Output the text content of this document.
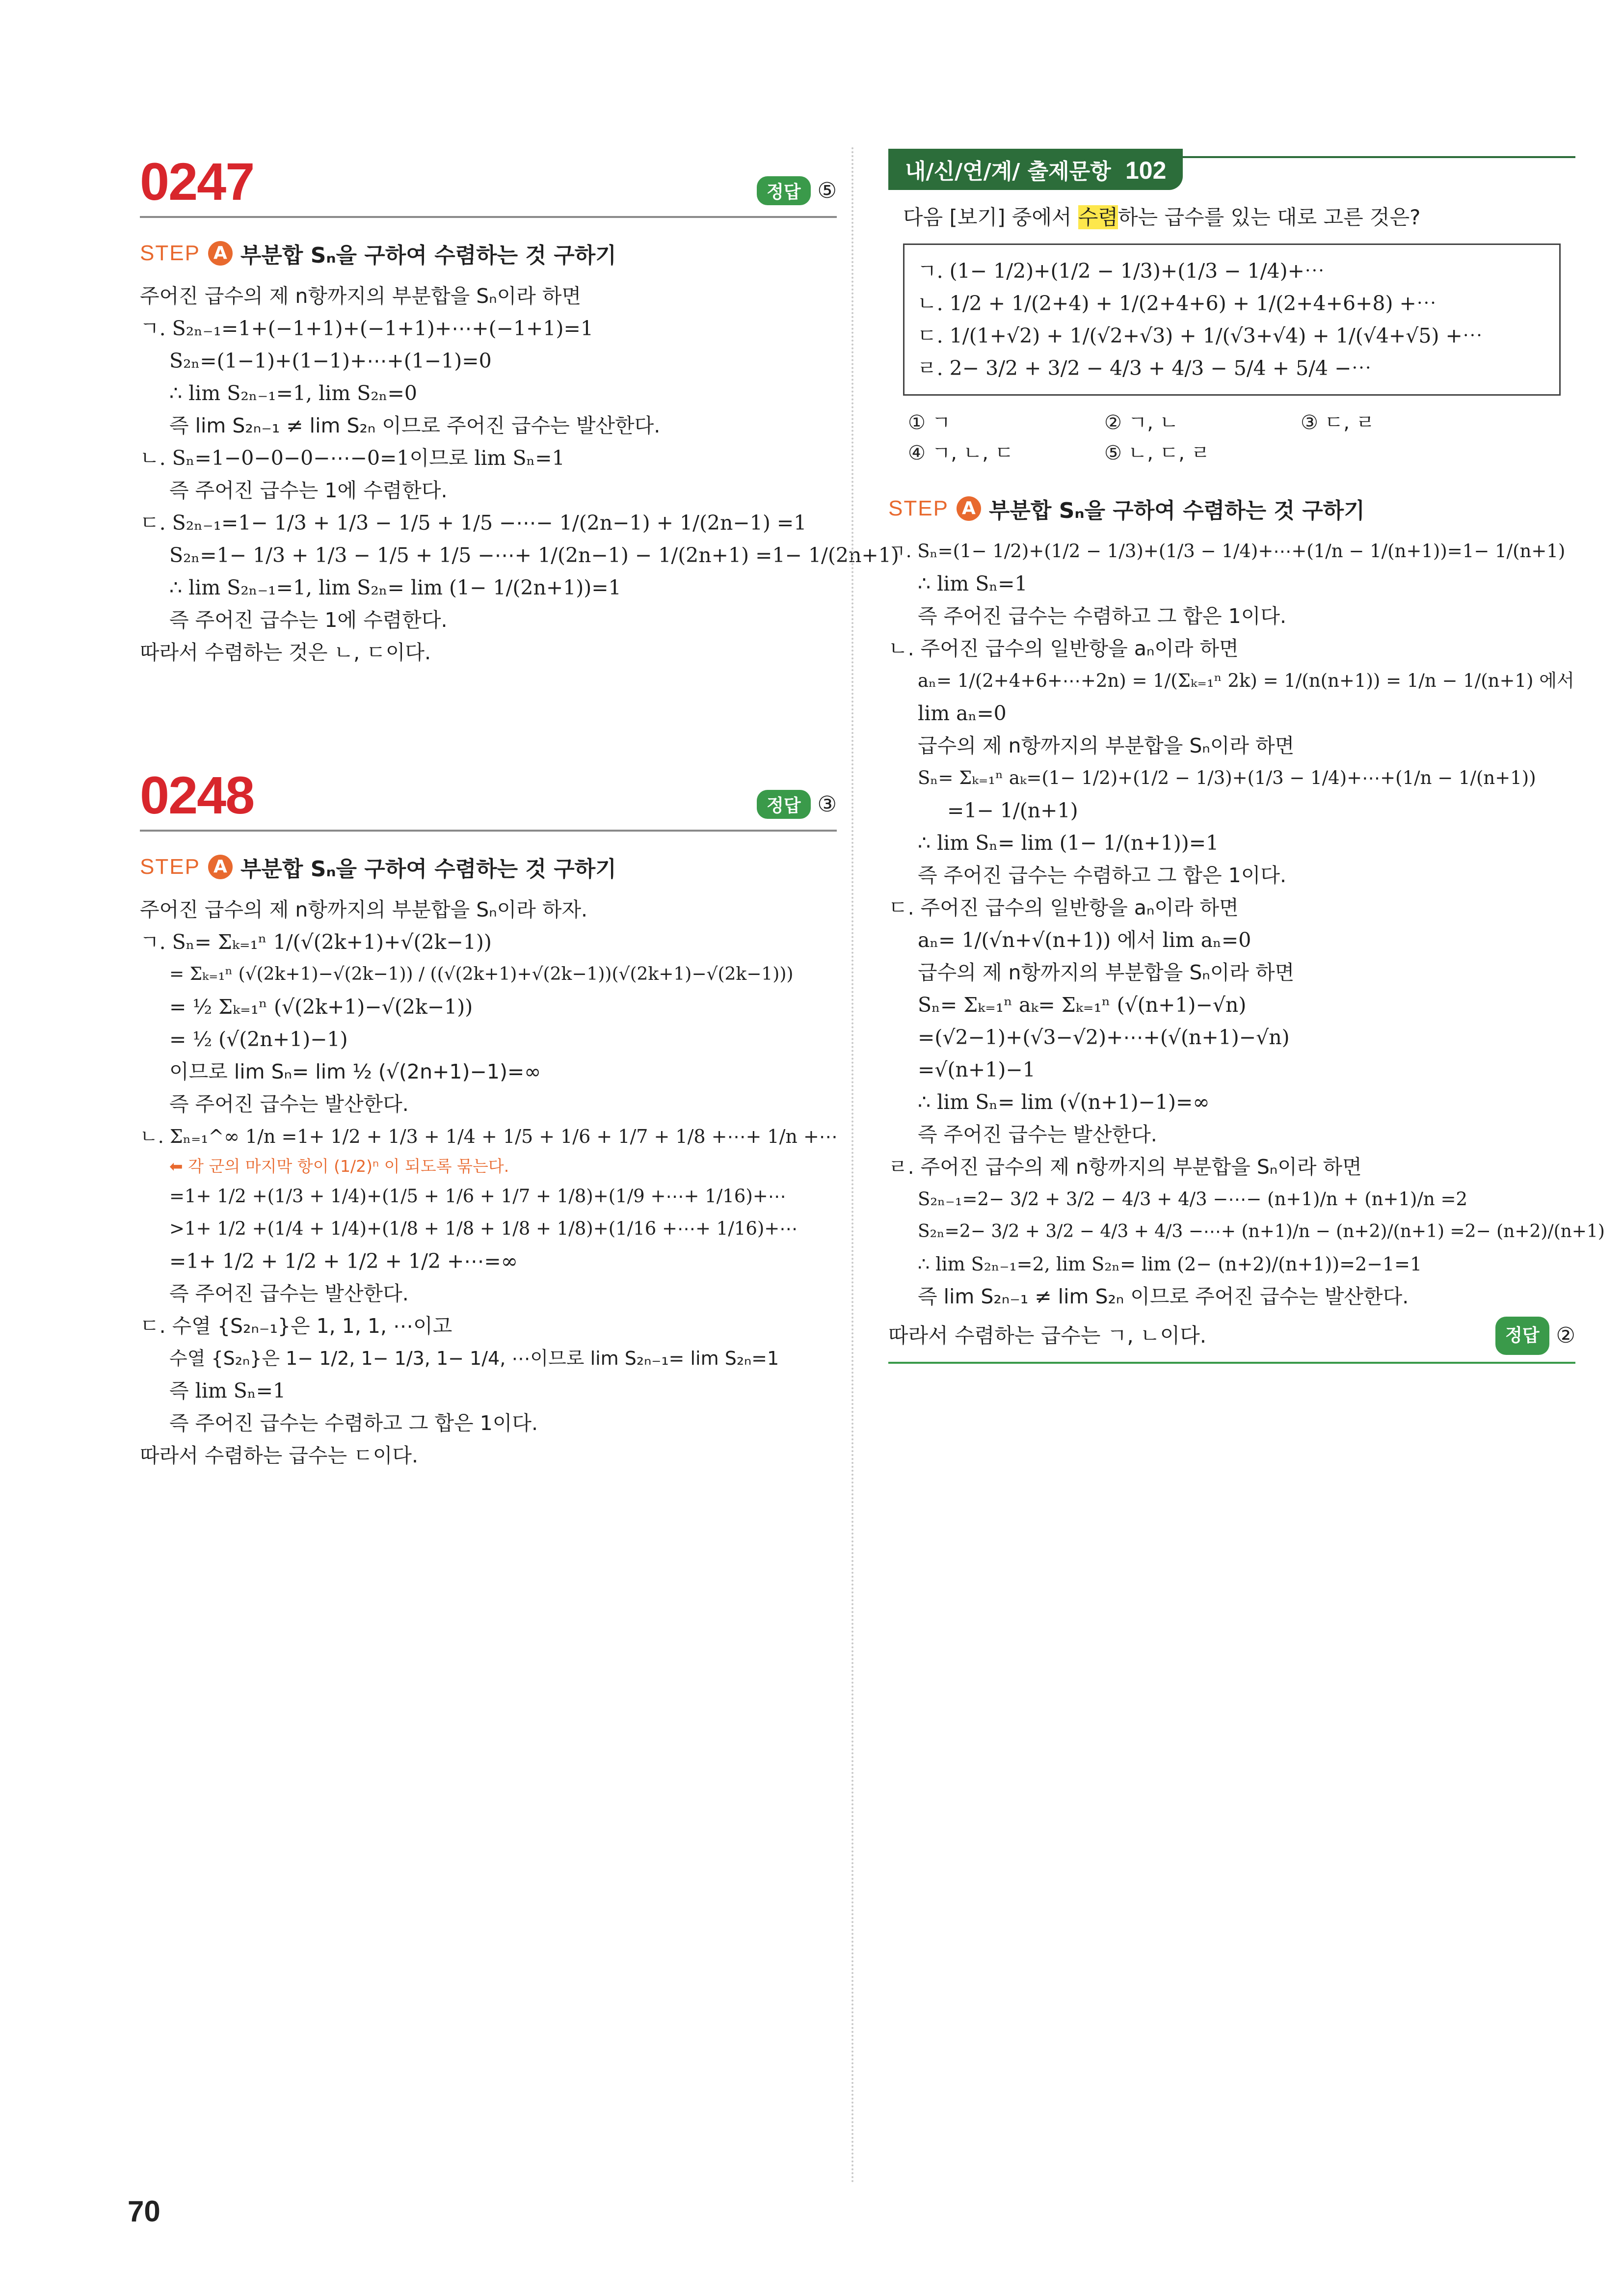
0247	정답 ⑤
STEP A 부분합 Sₙ을 구하여 수렴하는 것 구하기
주어진 급수의 제 n항까지의 부분합을 Sₙ이라 하면
ㄱ. S₂ₙ₋₁=1+(−1+1)+(−1+1)+⋯+(−1+1)=1
S₂ₙ=(1−1)+(1−1)+⋯+(1−1)=0
∴ lim S₂ₙ₋₁=1, lim S₂ₙ=0
즉 lim S₂ₙ₋₁ ≠ lim S₂ₙ 이므로 주어진 급수는 발산한다.
ㄴ. Sₙ=1−0−0−0−⋯−0=1이므로 lim Sₙ=1
즉 주어진 급수는 1에 수렴한다.
ㄷ. S₂ₙ₋₁=1− 1/3 + 1/3 − 1/5 + 1/5 −⋯− 1/(2n−1) + 1/(2n−1) =1
S₂ₙ=1− 1/3 + 1/3 − 1/5 + 1/5 −⋯+ 1/(2n−1) − 1/(2n+1) =1− 1/(2n+1)
∴ lim S₂ₙ₋₁=1, lim S₂ₙ= lim (1− 1/(2n+1))=1
즉 주어진 급수는 1에 수렴한다.
따라서 수렴하는 것은 ㄴ, ㄷ이다.
0248	정답 ③
STEP A 부분합 Sₙ을 구하여 수렴하는 것 구하기
주어진 급수의 제 n항까지의 부분합을 Sₙ이라 하자.
ㄱ. Sₙ= Σₖ₌₁ⁿ 1/(√(2k+1)+√(2k−1))
= Σₖ₌₁ⁿ (√(2k+1)−√(2k−1)) / ((√(2k+1)+√(2k−1))(√(2k+1)−√(2k−1)))
= ½ Σₖ₌₁ⁿ (√(2k+1)−√(2k−1))
= ½ (√(2n+1)−1)
이므로 lim Sₙ= lim ½ (√(2n+1)−1)=∞
즉 주어진 급수는 발산한다.
ㄴ. Σₙ₌₁^∞ 1/n =1+ 1/2 + 1/3 + 1/4 + 1/5 + 1/6 + 1/7 + 1/8 +⋯+ 1/n +⋯
⬅ 각 군의 마지막 항이 (1/2)ⁿ 이 되도록 묶는다.
=1+ 1/2 +(1/3 + 1/4)+(1/5 + 1/6 + 1/7 + 1/8)+(1/9 +⋯+ 1/16)+⋯
>1+ 1/2 +(1/4 + 1/4)+(1/8 + 1/8 + 1/8 + 1/8)+(1/16 +⋯+ 1/16)+⋯
=1+ 1/2 + 1/2 + 1/2 + 1/2 +⋯=∞
즉 주어진 급수는 발산한다.
ㄷ. 수열 {S₂ₙ₋₁}은 1, 1, 1, ⋯이고
수열 {S₂ₙ}은 1− 1/2, 1− 1/3, 1− 1/4, ⋯이므로 lim S₂ₙ₋₁= lim S₂ₙ=1
즉 lim Sₙ=1
즉 주어진 급수는 수렴하고 그 합은 1이다.
따라서 수렴하는 급수는 ㄷ이다.
내/신/연/계/ 출제문항 102
다음 [보기] 중에서 수렴하는 급수를 있는 대로 고른 것은?
ㄱ. (1− 1/2)+(1/2 − 1/3)+(1/3 − 1/4)+⋯
ㄴ. 1/2 + 1/(2+4) + 1/(2+4+6) + 1/(2+4+6+8) +⋯
ㄷ. 1/(1+√2) + 1/(√2+√3) + 1/(√3+√4) + 1/(√4+√5) +⋯
ㄹ. 2− 3/2 + 3/2 − 4/3 + 4/3 − 5/4 + 5/4 −⋯
① ㄱ	② ㄱ, ㄴ	③ ㄷ, ㄹ
④ ㄱ, ㄴ, ㄷ	⑤ ㄴ, ㄷ, ㄹ
STEP A 부분합 Sₙ을 구하여 수렴하는 것 구하기
ㄱ. Sₙ=(1− 1/2)+(1/2 − 1/3)+(1/3 − 1/4)+⋯+(1/n − 1/(n+1))=1− 1/(n+1)
∴ lim Sₙ=1
즉 주어진 급수는 수렴하고 그 합은 1이다.
ㄴ. 주어진 급수의 일반항을 aₙ이라 하면
aₙ= 1/(2+4+6+⋯+2n) = 1/(Σₖ₌₁ⁿ 2k) = 1/(n(n+1)) = 1/n − 1/(n+1) 에서
lim aₙ=0
급수의 제 n항까지의 부분합을 Sₙ이라 하면
Sₙ= Σₖ₌₁ⁿ aₖ=(1− 1/2)+(1/2 − 1/3)+(1/3 − 1/4)+⋯+(1/n − 1/(n+1))
=1− 1/(n+1)
∴ lim Sₙ= lim (1− 1/(n+1))=1
즉 주어진 급수는 수렴하고 그 합은 1이다.
ㄷ. 주어진 급수의 일반항을 aₙ이라 하면
aₙ= 1/(√n+√(n+1)) 에서 lim aₙ=0
급수의 제 n항까지의 부분합을 Sₙ이라 하면
Sₙ= Σₖ₌₁ⁿ aₖ= Σₖ₌₁ⁿ (√(n+1)−√n)
=(√2−1)+(√3−√2)+⋯+(√(n+1)−√n)
=√(n+1)−1
∴ lim Sₙ= lim (√(n+1)−1)=∞
즉 주어진 급수는 발산한다.
ㄹ. 주어진 급수의 제 n항까지의 부분합을 Sₙ이라 하면
S₂ₙ₋₁=2− 3/2 + 3/2 − 4/3 + 4/3 −⋯− (n+1)/n + (n+1)/n =2
S₂ₙ=2− 3/2 + 3/2 − 4/3 + 4/3 −⋯+ (n+1)/n − (n+2)/(n+1) =2− (n+2)/(n+1)
∴ lim S₂ₙ₋₁=2, lim S₂ₙ= lim (2− (n+2)/(n+1))=2−1=1
즉 lim S₂ₙ₋₁ ≠ lim S₂ₙ 이므로 주어진 급수는 발산한다.
따라서 수렴하는 급수는 ㄱ, ㄴ이다.	정답 ②
70
